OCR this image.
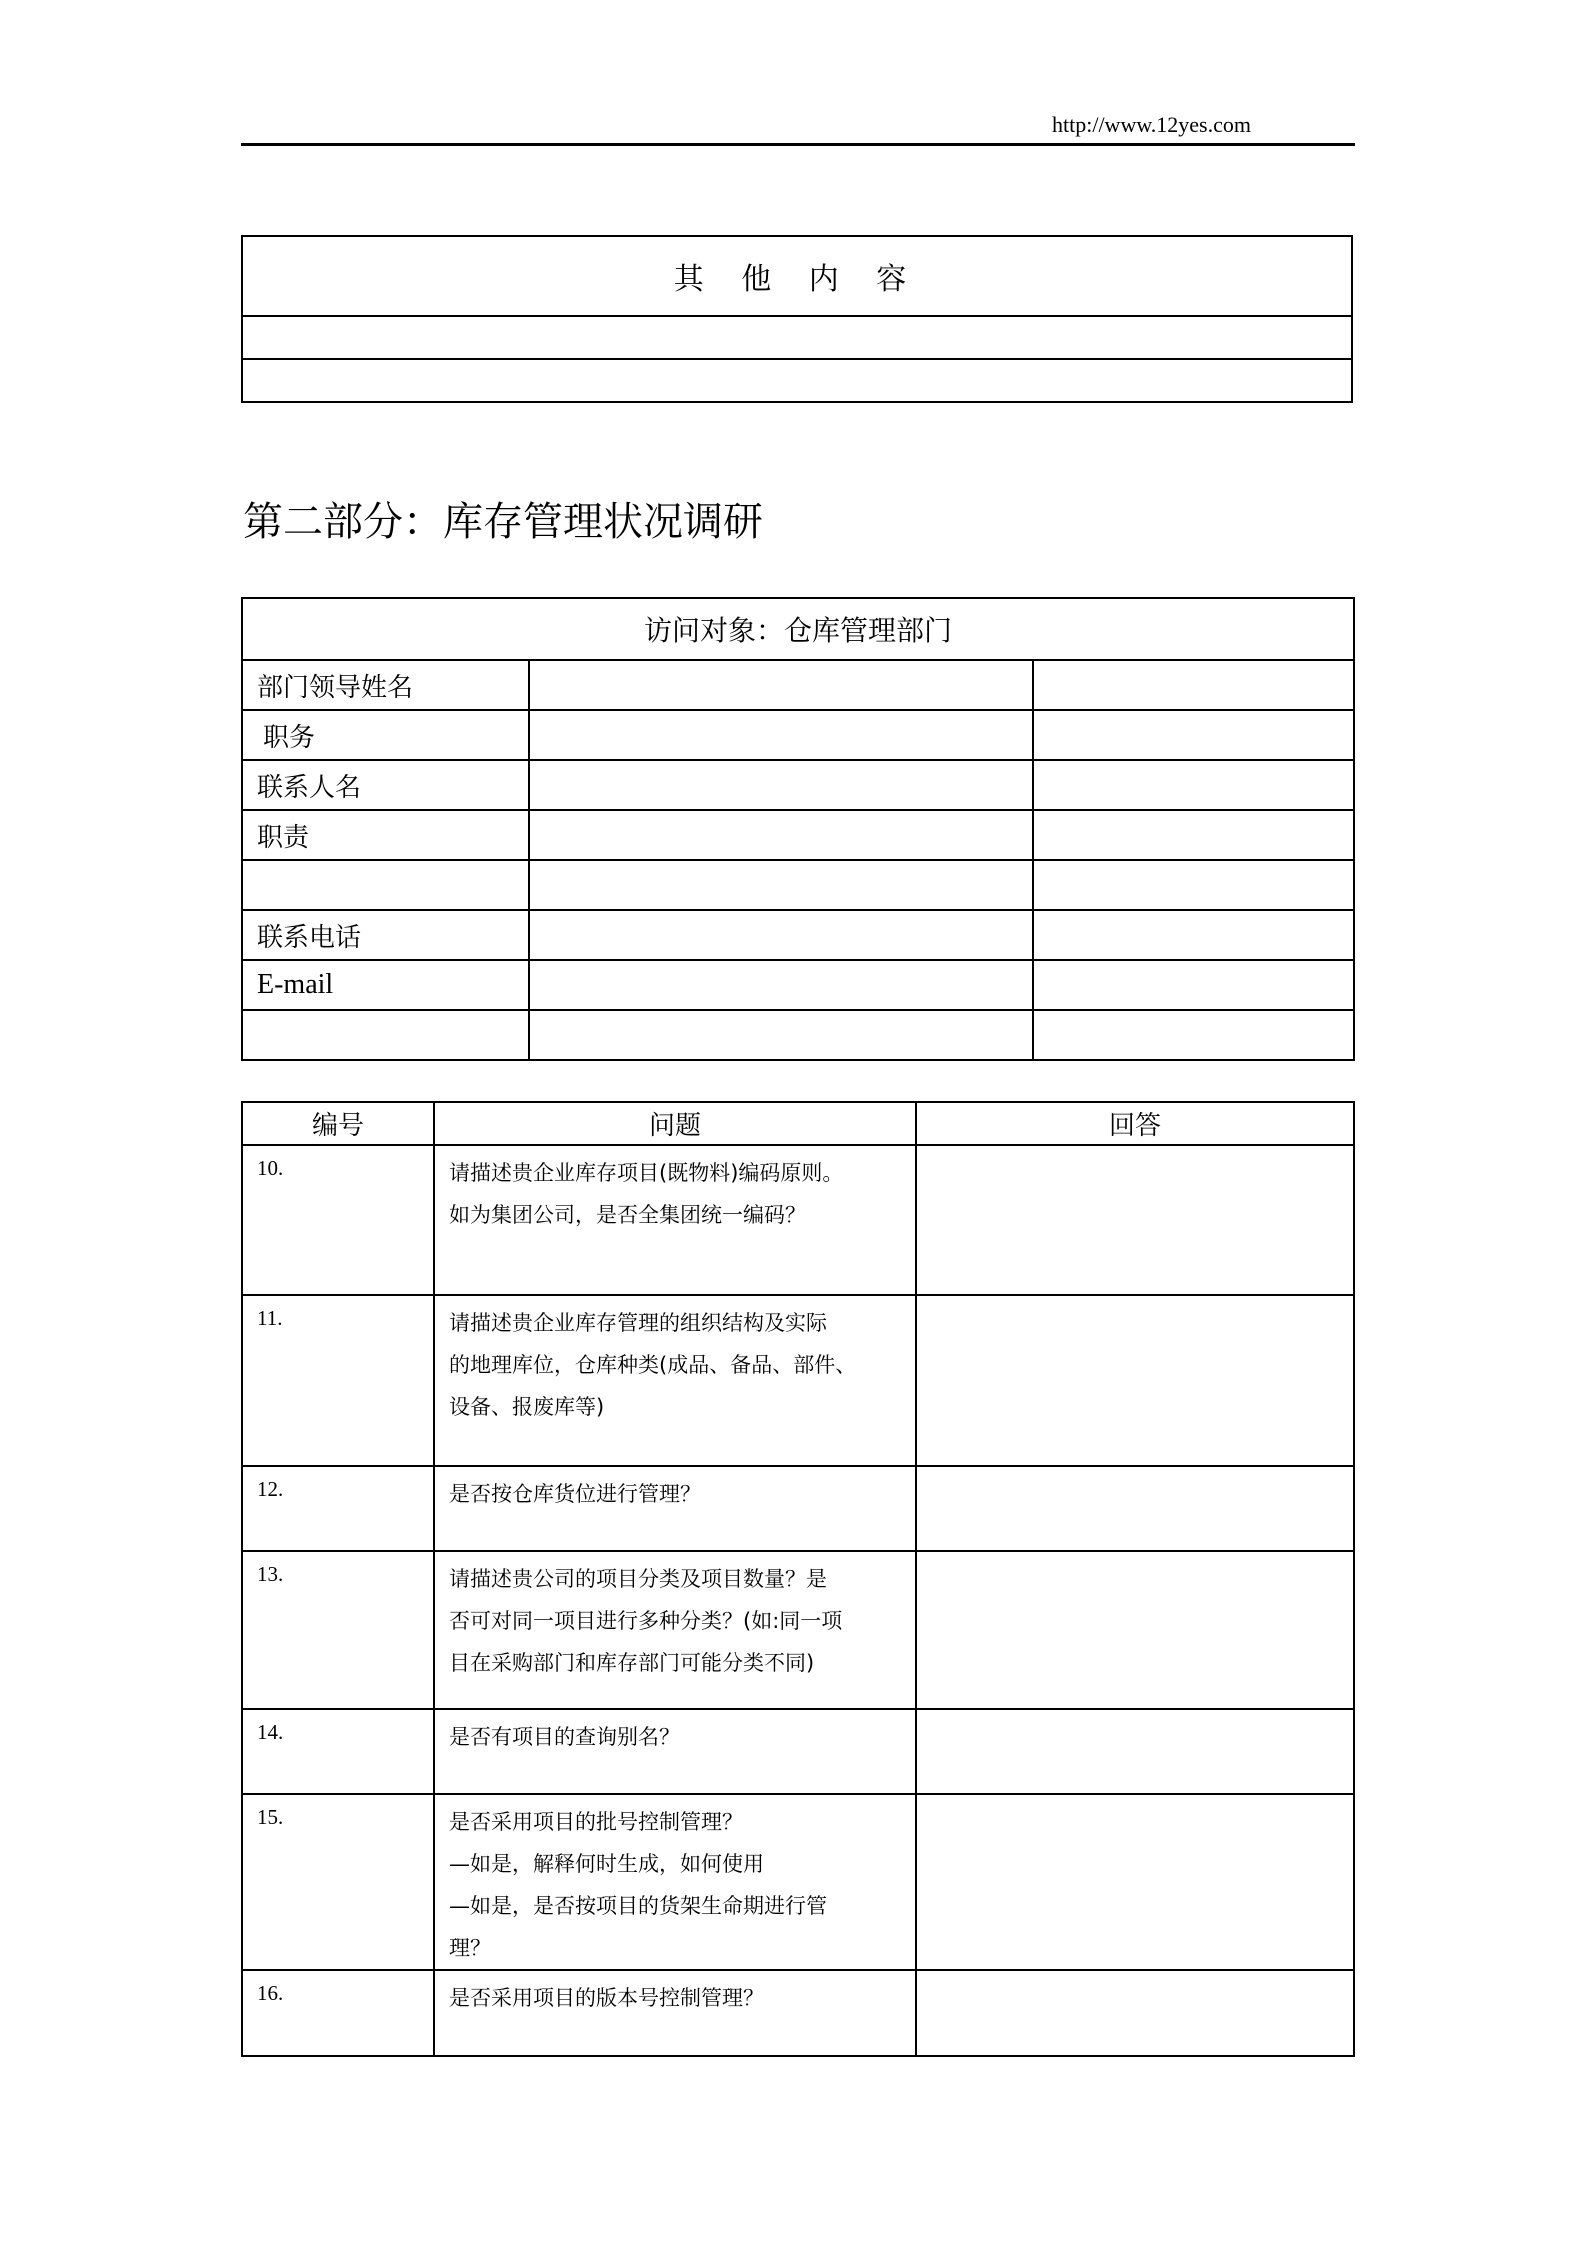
http://www.12yes.com
其 他 内 容

第二部分：库存管理状况调研
访问对象：仓库管理部门		
部门领导姓名		
职务		
联系人名		
职责		

联系电话		
E-mail		

编号	问题	回答
10.	请描述贵企业库存项目(既物料)编码原则。
如为集团公司，是否全集团统一编码？	

11.	请描述贵企业库存管理的组织结构及实际
的地理库位，仓库种类(成品、备品、部件、
设备、报废库等)	

12.	是否按仓库货位进行管理？	

13.	请描述贵公司的项目分类及项目数量？是
否可对同一项目进行多种分类？(如:同一项
目在采购部门和库存部门可能分类不同)	

14.	是否有项目的查询别名？	

15.	是否采用项目的批号控制管理？
—如是，解释何时生成，如何使用
—如是，是否按项目的货架生命期进行管
理？	

16.	是否采用项目的版本号控制管理？	
